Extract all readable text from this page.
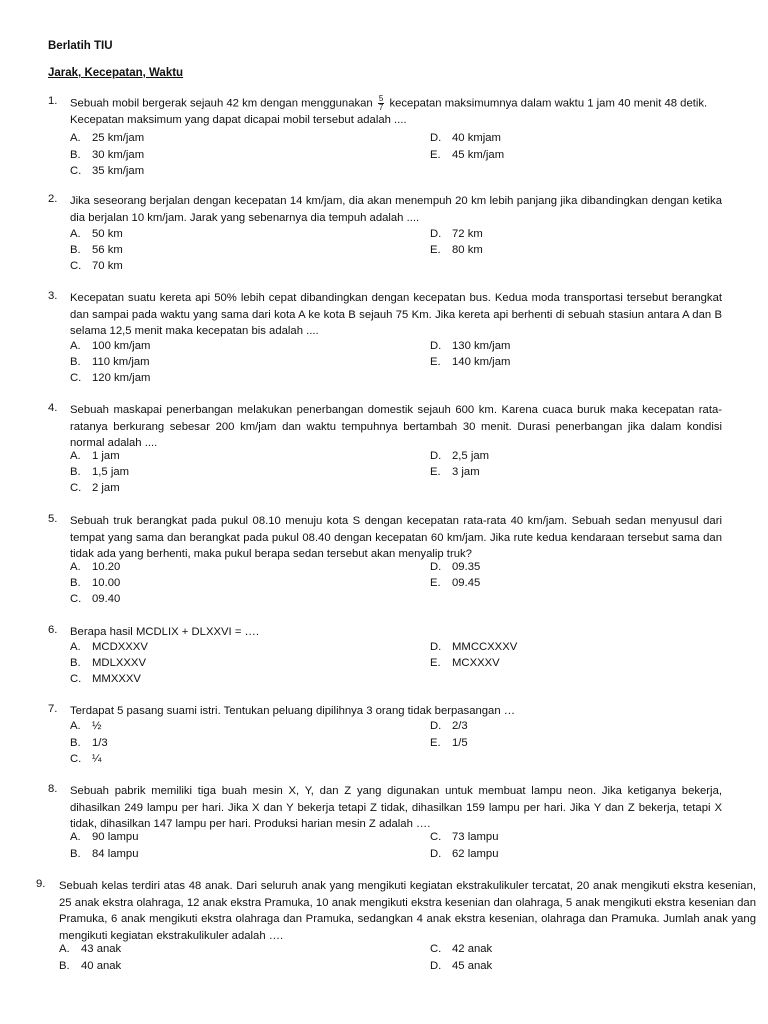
Berlatih TIU
Jarak, Kecepatan, Waktu
1. Sebuah mobil bergerak sejauh 42 km dengan menggunakan $\frac{5}{7}$ kecepatan maksimumnya dalam waktu 1 jam 40 menit 48 detik.
Kecepatan maksimum yang dapat dicapai mobil tersebut adalah ....
A. 25 km/jam
B. 30 km/jam
C. 35 km/jam
D. 40 kmjam
E. 45 km/jam
2. Jika seseorang berjalan dengan kecepatan 14 km/jam, dia akan menempuh 20 km lebih panjang jika dibandingkan dengan ketika dia berjalan 10 km/jam. Jarak yang sebenarnya dia tempuh adalah ....
A. 50 km
B. 56 km
C. 70 km
D. 72 km
E. 80 km
3. Kecepatan suatu kereta api 50% lebih cepat dibandingkan dengan kecepatan bus. Kedua moda transportasi tersebut berangkat dan sampai pada waktu yang sama dari kota A ke kota B sejauh 75 Km. Jika kereta api berhenti di sebuah stasiun antara A dan B selama 12,5 menit maka kecepatan bis adalah ....
A. 100 km/jam
B. 110 km/jam
C. 120 km/jam
D. 130 km/jam
E. 140 km/jam
4. Sebuah maskapai penerbangan melakukan penerbangan domestik sejauh 600 km. Karena cuaca buruk maka kecepatan rata-ratanya berkurang sebesar 200 km/jam dan waktu tempuhnya bertambah 30 menit. Durasi penerbangan jika dalam kondisi normal adalah ....
A. 1 jam
B. 1,5 jam
C. 2 jam
D. 2,5 jam
E. 3 jam
5. Sebuah truk berangkat pada pukul 08.10 menuju kota S dengan kecepatan rata-rata 40 km/jam. Sebuah sedan menyusul dari tempat yang sama dan berangkat pada pukul 08.40 dengan kecepatan 60 km/jam. Jika rute kedua kendaraan tersebut sama dan tidak ada yang berhenti, maka pukul berapa sedan tersebut akan menyalip truk?
A. 10.20
B. 10.00
C. 09.40
D. 09.35
E. 09.45
6. Berapa hasil MCDLIX + DLXXVI = ….
A. MCDXXXV
B. MDLXXXV
C. MMXXXV
D. MMCCXXXV
E. MCXXXV
7. Terdapat 5 pasang suami istri. Tentukan peluang dipilihnya 3 orang tidak berpasangan …
A. ½
B. 1/3
C. ¼
D. 2/3
E. 1/5
8. Sebuah pabrik memiliki tiga buah mesin X, Y, dan Z yang digunakan untuk membuat lampu neon. Jika ketiganya bekerja, dihasilkan 249 lampu per hari. Jika X dan Y bekerja tetapi Z tidak, dihasilkan 159 lampu per hari. Jika Y dan Z bekerja, tetapi X tidak, dihasilkan 147 lampu per hari. Produksi harian mesin Z adalah ….
A. 90 lampu
B. 84 lampu
C. 73 lampu
D. 62 lampu
9. Sebuah kelas terdiri atas 48 anak. Dari seluruh anak yang mengikuti kegiatan ekstrakulikuler tercatat, 20 anak mengikuti ekstra kesenian, 25 anak ekstra olahraga, 12 anak ekstra Pramuka, 10 anak mengikuti ekstra kesenian dan olahraga, 5 anak mengikuti ekstra kesenian dan Pramuka, 6 anak mengikuti ekstra olahraga dan Pramuka, sedangkan 4 anak ekstra kesenian, olahraga dan Pramuka. Jumlah anak yang mengikuti kegiatan ekstrakulikuler adalah ….
A. 43 anak
B. 40 anak
C. 42 anak
D. 45 anak
